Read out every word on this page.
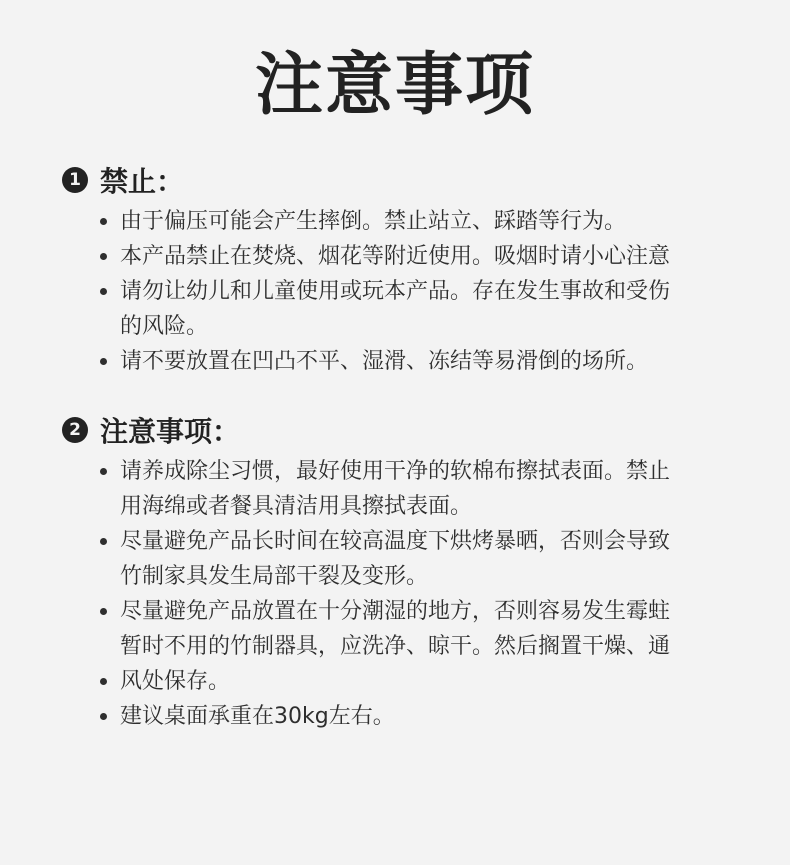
注意事项
1 禁止：
由于偏压可能会产生摔倒。禁止站立、踩踏等行为。
本产品禁止在焚烧、烟花等附近使用。吸烟时请小心注意
请勿让幼儿和儿童使用或玩本产品。存在发生事故和受伤
的风险。
请不要放置在凹凸不平、湿滑、冻结等易滑倒的场所。
2 注意事项：
请养成除尘习惯，最好使用干净的软棉布擦拭表面。禁止
用海绵或者餐具清洁用具擦拭表面。
尽量避免产品长时间在较高温度下烘烤暴晒，否则会导致
竹制家具发生局部干裂及变形。
尽量避免产品放置在十分潮湿的地方，否则容易发生霉蛀
暂时不用的竹制器具，应洗净、晾干。然后搁置干燥、通
风处保存。
建议桌面承重在30kg左右。
